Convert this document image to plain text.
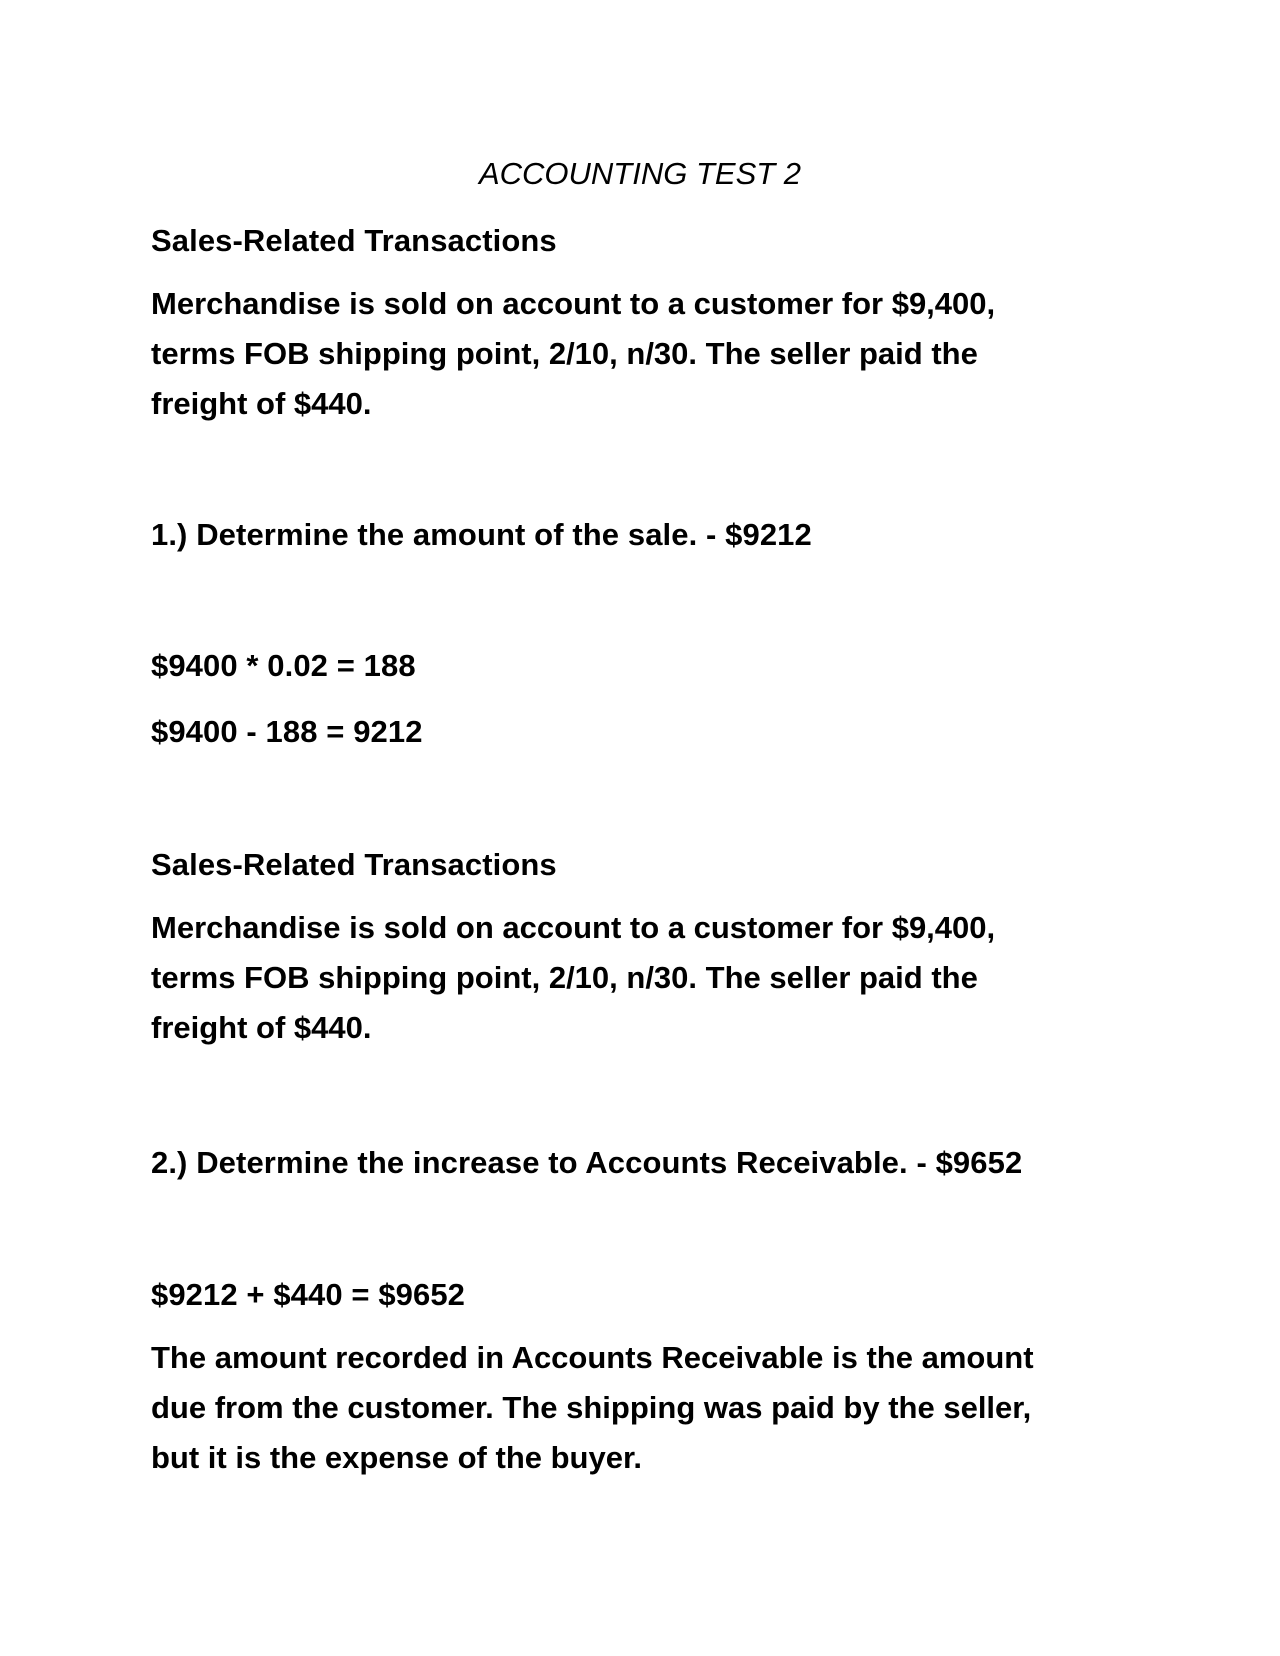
ACCOUNTING TEST 2

Sales-Related Transactions

Merchandise is sold on account to a customer for $9,400,
terms FOB shipping point, 2/10, n/30. The seller paid the
freight of $440.

1.) Determine the amount of the sale. - $9212

$9400 * 0.02 = 188

$9400 - 188 = 9212

Sales-Related Transactions

Merchandise is sold on account to a customer for $9,400,
terms FOB shipping point, 2/10, n/30. The seller paid the
freight of $440.

2.) Determine the increase to Accounts Receivable. - $9652

$9212 + $440 = $9652

The amount recorded in Accounts Receivable is the amount
due from the customer. The shipping was paid by the seller,
but it is the expense of the buyer.
